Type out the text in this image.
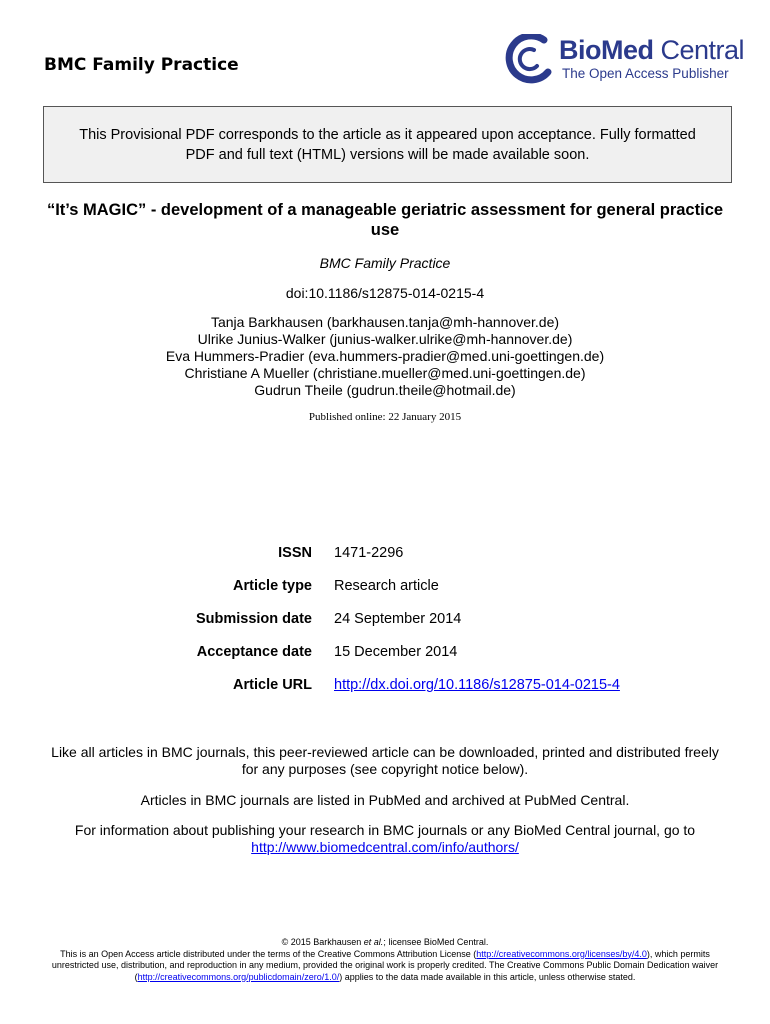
BMC Family Practice	BioMed Central
The Open Access Publisher
This Provisional PDF corresponds to the article as it appeared upon acceptance. Fully formatted PDF and full text (HTML) versions will be made available soon.
“It’s MAGIC” - development of a manageable geriatric assessment for general practice use
BMC Family Practice
doi:10.1186/s12875-014-0215-4
Tanja Barkhausen (barkhausen.tanja@mh-hannover.de)
Ulrike Junius-Walker (junius-walker.ulrike@mh-hannover.de)
Eva Hummers-Pradier (eva.hummers-pradier@med.uni-goettingen.de)
Christiane A Mueller (christiane.mueller@med.uni-goettingen.de)
Gudrun Theile (gudrun.theile@hotmail.de)
Published online: 22 January 2015
ISSN 1471-2296
Article type Research article
Submission date 24 September 2014
Acceptance date 15 December 2014
Article URL http://dx.doi.org/10.1186/s12875-014-0215-4
Like all articles in BMC journals, this peer-reviewed article can be downloaded, printed and distributed freely for any purposes (see copyright notice below).
Articles in BMC journals are listed in PubMed and archived at PubMed Central.
For information about publishing your research in BMC journals or any BioMed Central journal, go to
http://www.biomedcentral.com/info/authors/
© 2015 Barkhausen et al.; licensee BioMed Central.
This is an Open Access article distributed under the terms of the Creative Commons Attribution License (http://creativecommons.org/licenses/by/4.0), which permits unrestricted use, distribution, and reproduction in any medium, provided the original work is properly credited. The Creative Commons Public Domain Dedication waiver (http://creativecommons.org/publicdomain/zero/1.0/) applies to the data made available in this article, unless otherwise stated.
